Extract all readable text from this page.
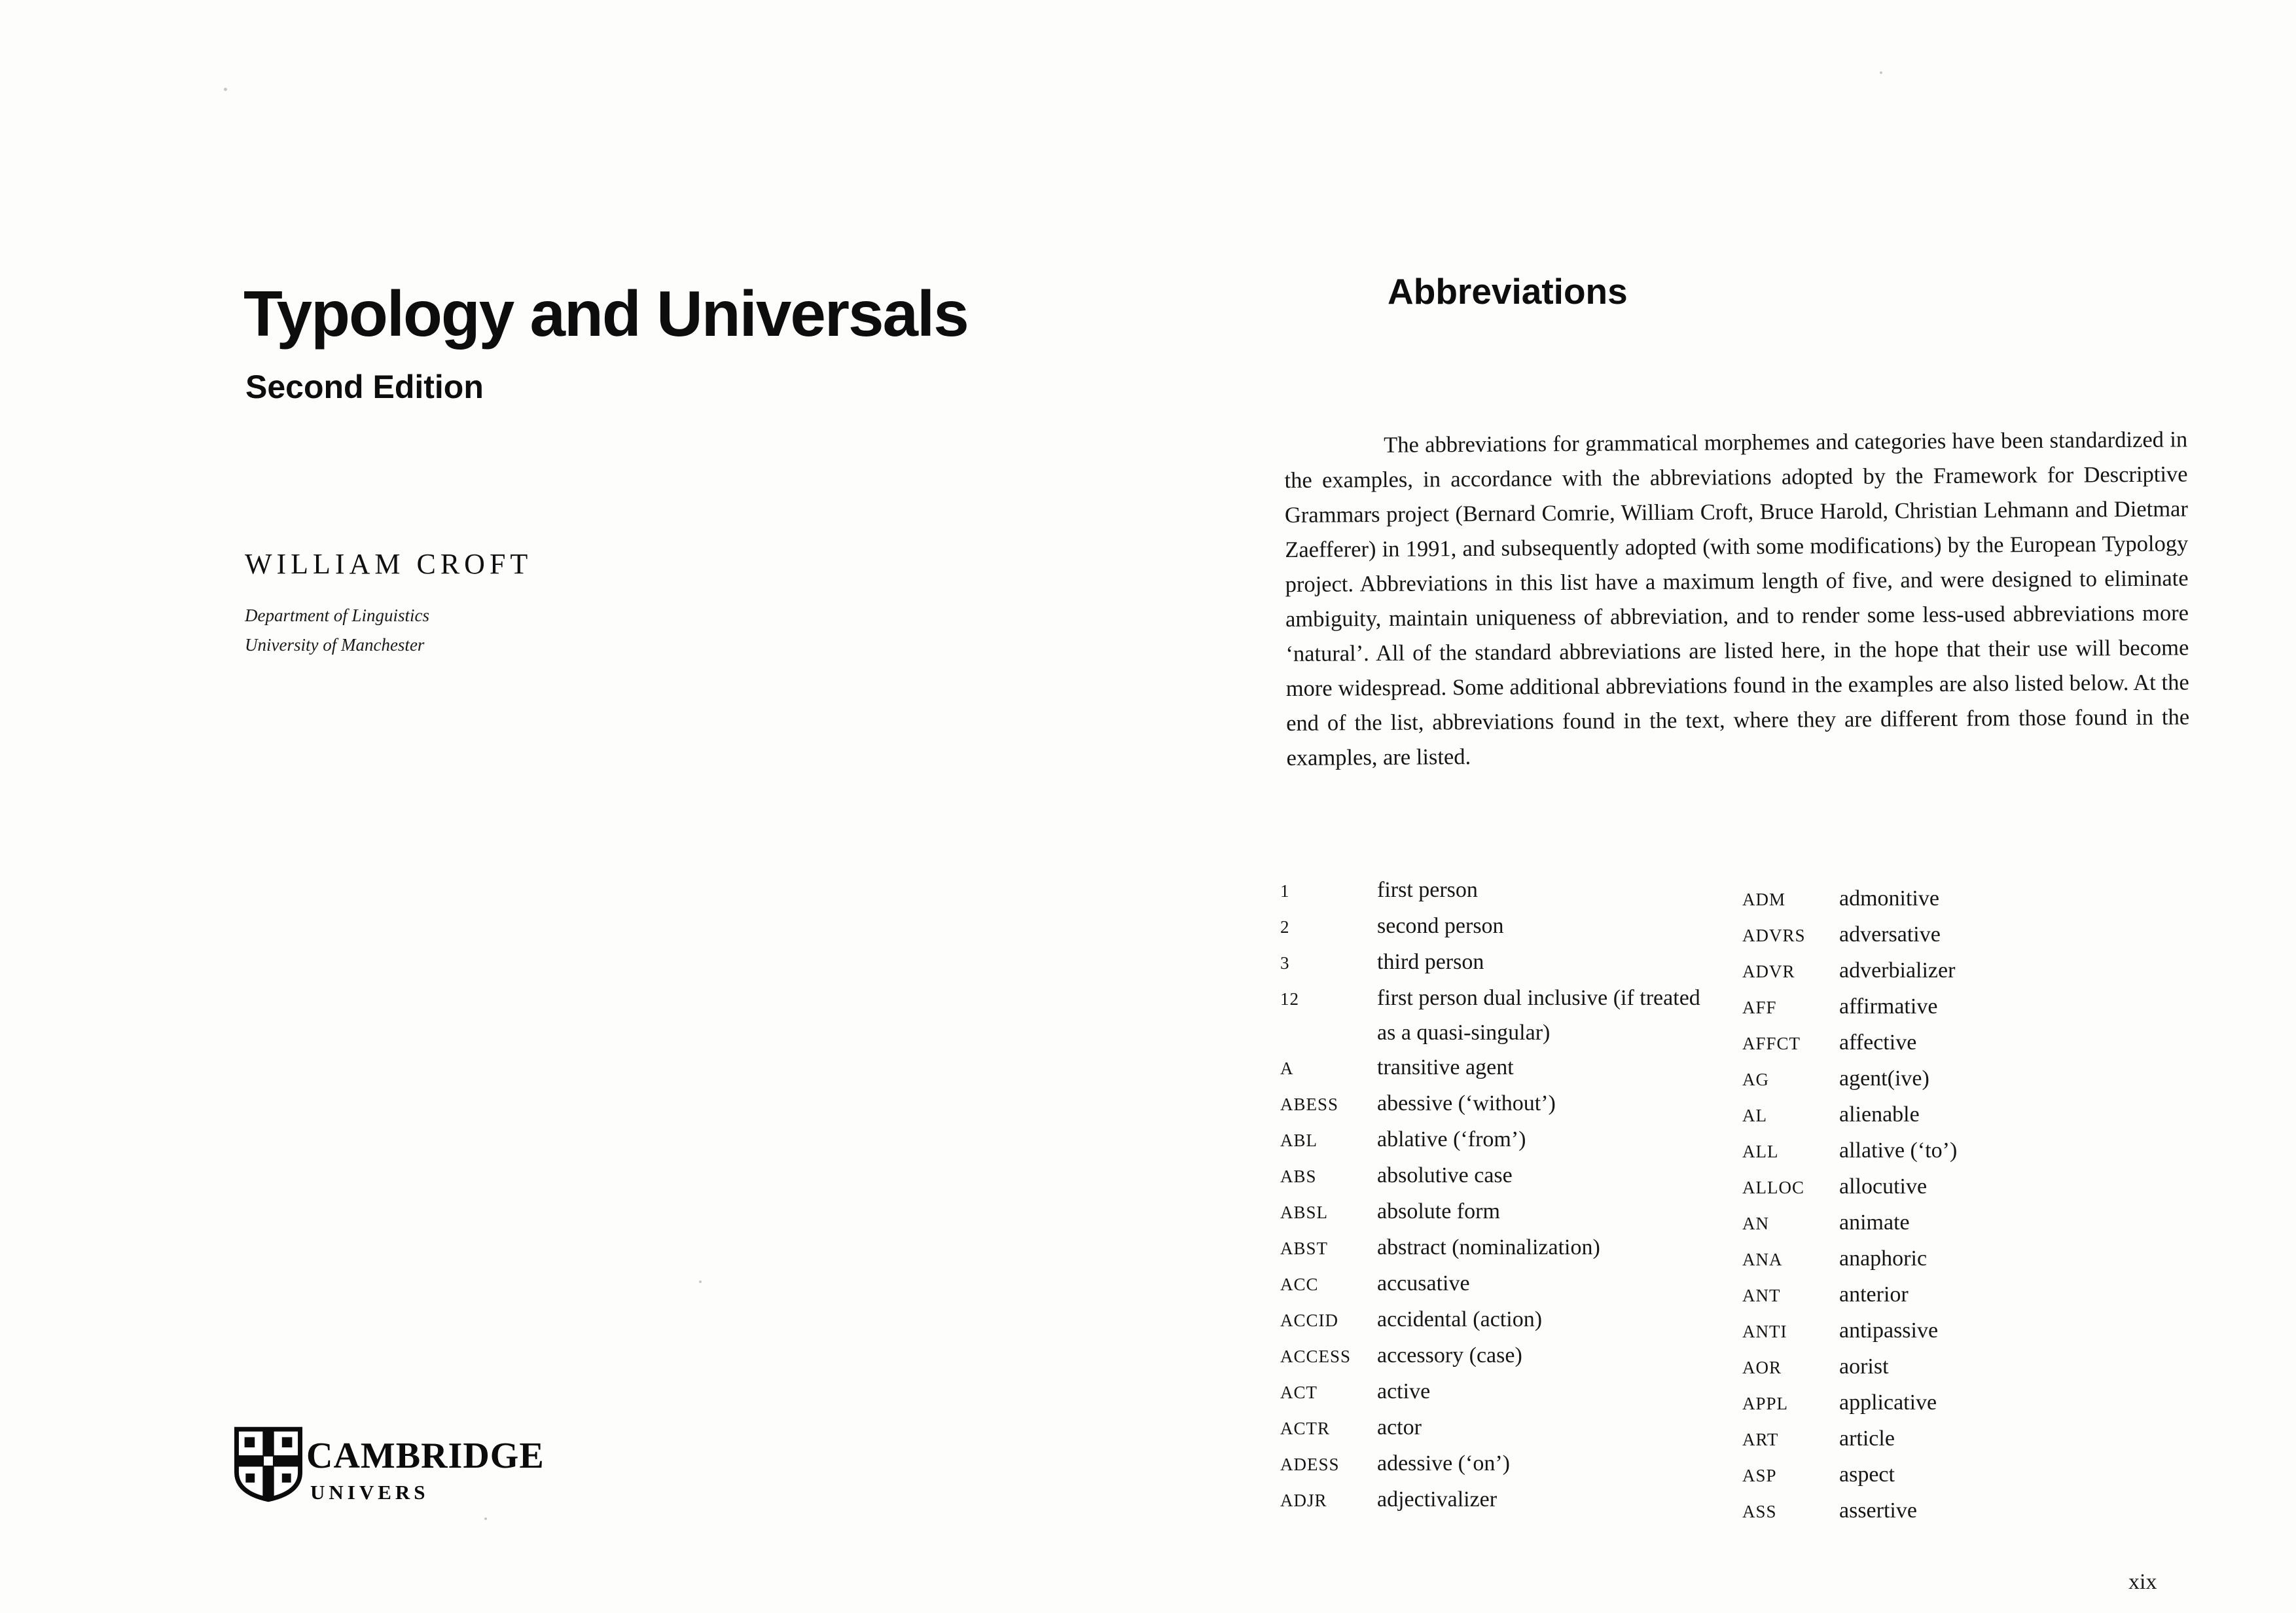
Typology and Universals
Second Edition
WILLIAM CROFT
Department of Linguistics
University of Manchester
CAMBRIDGE
UNIVERS
Abbreviations
The abbreviations for grammatical morphemes and categories have been standardized in the examples, in accordance with the abbreviations adopted by the Framework for Descriptive Grammars project (Bernard Comrie, William Croft, Bruce Harold, Christian Lehmann and Dietmar Zaefferer) in 1991, and subsequently adopted (with some modifications) by the European Typology project. Abbreviations in this list have a maximum length of five, and were designed to eliminate ambiguity, maintain uniqueness of abbreviation, and to render some less-used abbreviations more ‘natural’. All of the standard abbreviations are listed here, in the hope that their use will become more widespread. Some additional abbreviations found in the examples are also listed below. At the end of the list, abbreviations found in the text, where they are different from those found in the examples, are listed.
1	first person
2	second person
3	third person
12	first person dual inclusive (if treated as a quasi-singular)
A	transitive agent
ABESS	abessive (‘without’)
ABL	ablative (‘from’)
ABS	absolutive case
ABSL	absolute form
ABST	abstract (nominalization)
ACC	accusative
ACCID	accidental (action)
ACCESS	accessory (case)
ACT	active
ACTR	actor
ADESS	adessive (‘on’)
ADJR	adjectivalizer
ADM	admonitive
ADVRS	adversative
ADVR	adverbializer
AFF	affirmative
AFFCT	affective
AG	agent(ive)
AL	alienable
ALL	allative (‘to’)
ALLOC	allocutive
AN	animate
ANA	anaphoric
ANT	anterior
ANTI	antipassive
AOR	aorist
APPL	applicative
ART	article
ASP	aspect
ASS	assertive
xix
